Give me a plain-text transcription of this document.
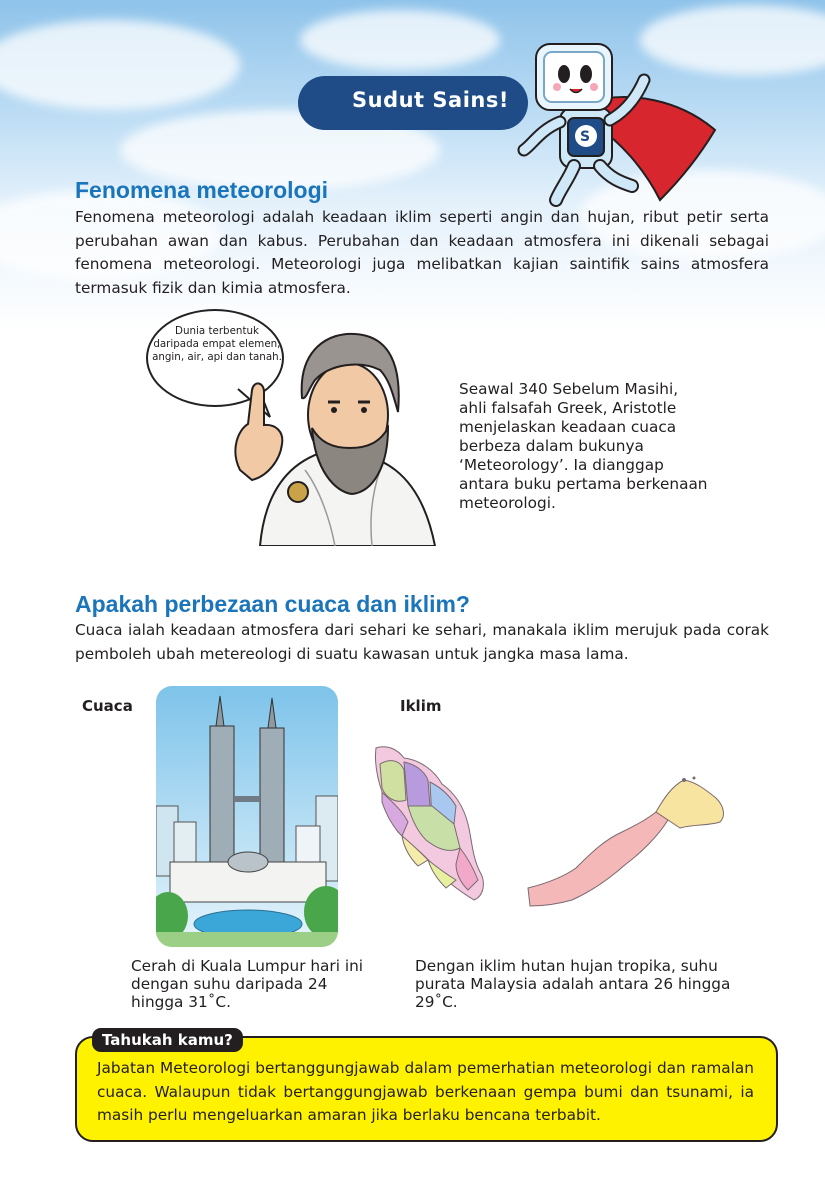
Sudut Sains!
S
Fenomena meteorologi
Fenomena meteorologi adalah keadaan iklim seperti angin dan hujan, ribut petir serta perubahan awan dan kabus. Perubahan dan keadaan atmosfera ini dikenali sebagai fenomena meteorologi. Meteorologi juga melibatkan kajian saintifik sains atmosfera termasuk fizik dan kimia atmosfera.
Dunia terbentuk daripada empat elemen; angin, air, api dan tanah.
Seawal 340 Sebelum Masihi, ahli falsafah Greek, Aristotle menjelaskan keadaan cuaca berbeza dalam bukunya ‘Meteorology’. Ia dianggap antara buku pertama berkenaan meteorologi.
Apakah perbezaan cuaca dan iklim?
Cuaca ialah keadaan atmosfera dari sehari ke sehari, manakala iklim merujuk pada corak pemboleh ubah metereologi di suatu kawasan untuk jangka masa lama.
Cuaca	Iklim
Cerah di Kuala Lumpur hari ini dengan suhu daripada 24 hingga 31˚C.
Dengan iklim hutan hujan tropika, suhu purata Malaysia adalah antara 26 hingga 29˚C.
Tahukah kamu?
Jabatan Meteorologi bertanggungjawab dalam pemerhatian meteorologi dan ramalan cuaca. Walaupun tidak bertanggungjawab berkenaan gempa bumi dan tsunami, ia masih perlu mengeluarkan amaran jika berlaku bencana terbabit.
